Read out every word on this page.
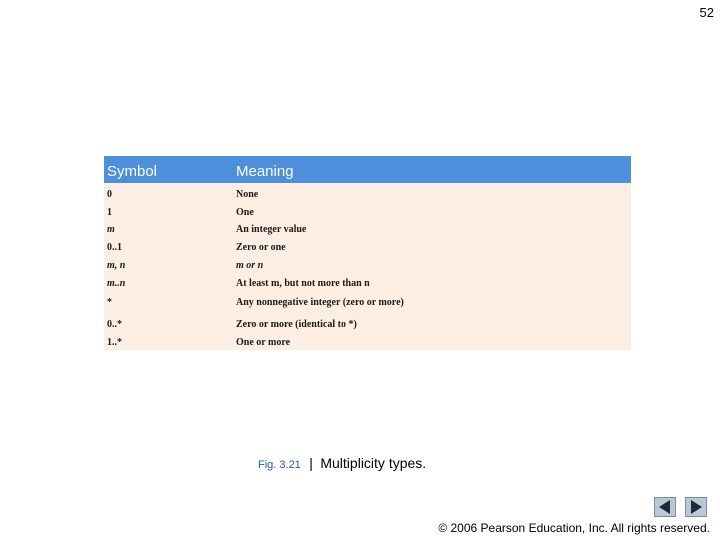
52
Symbol	Meaning
0	None
1	One
m	An integer value
0..1	Zero or one
m, n	m or n
m..n	At least m, but not more than n
*	Any nonnegative integer (zero or more)
0..*	Zero or more (identical to *)
1..*	One or more
Fig. 3.21 | Multiplicity types.
© 2006 Pearson Education, Inc. All rights reserved.
